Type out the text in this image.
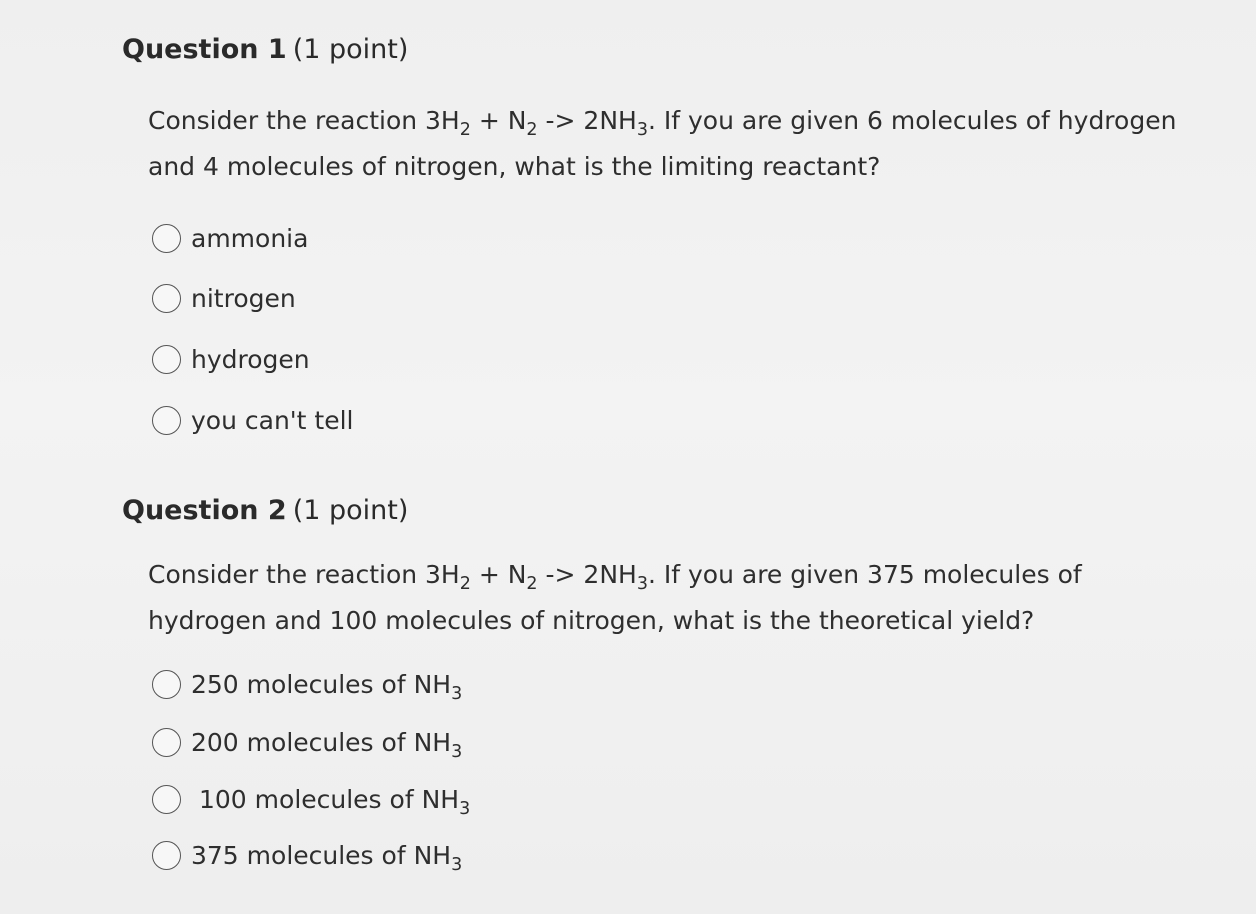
Question 1 (1 point)
Consider the reaction $3H_2 + N_2 -> 2NH_3$. If you are given 6 molecules of hydrogen
and 4 molecules of nitrogen, what is the limiting reactant?
ammonia
nitrogen
hydrogen
you can't tell
Question 2 (1 point)
Consider the reaction $3H_2 + N_2 -> 2NH_3$. If you are given 375 molecules of
hydrogen and 100 molecules of nitrogen, what is the theoretical yield?
250 molecules of $NH_3$
200 molecules of $NH_3$
100 molecules of $NH_3$
375 molecules of $NH_3$
